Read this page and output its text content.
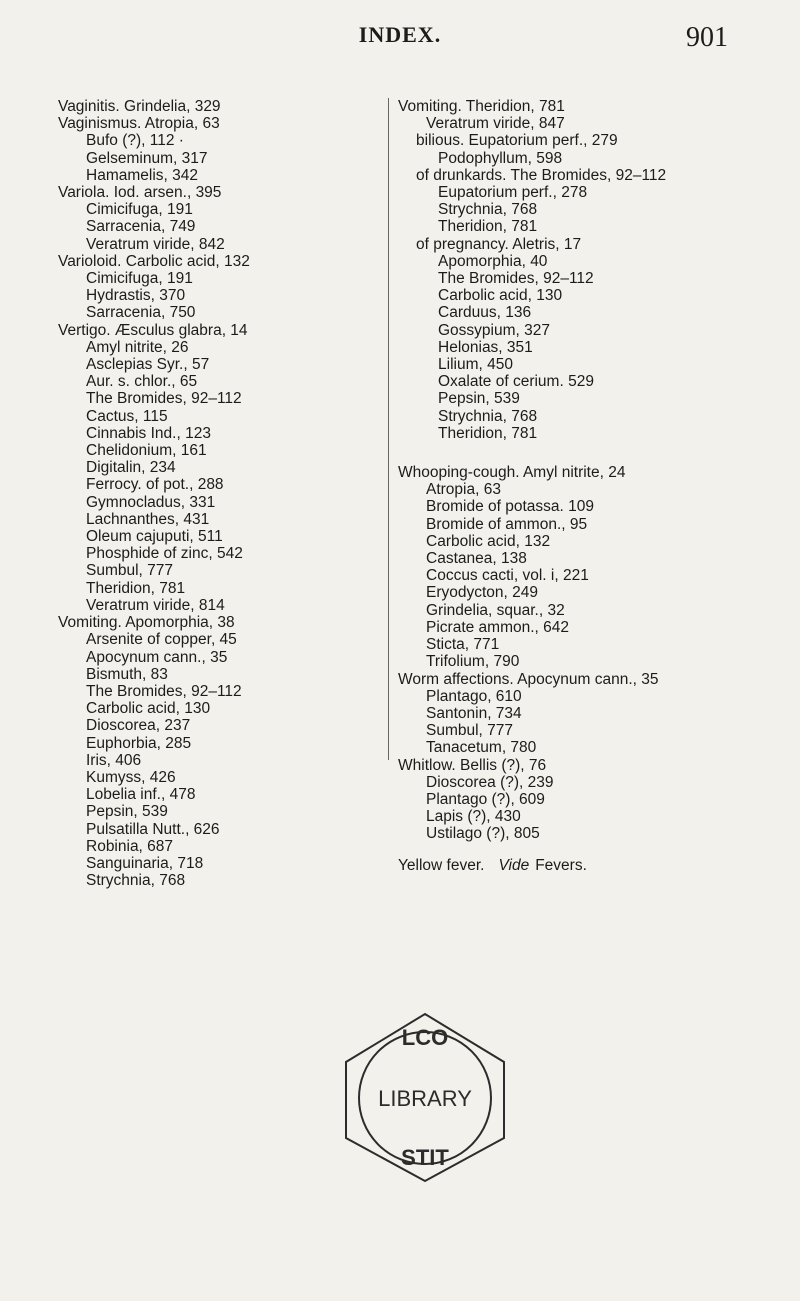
INDEX.	901
Vaginitis. Grindelia, 329
Vaginismus. Atropia, 63
Bufo (?), 112 ·
Gelseminum, 317
Hamamelis, 342
Variola. Iod. arsen., 395
Cimicifuga, 191
Sarracenia, 749
Veratrum viride, 842
Varioloid. Carbolic acid, 132
Cimicifuga, 191
Hydrastis, 370
Sarracenia, 750
Vertigo. Æsculus glabra, 14
Amyl nitrite, 26
Asclepias Syr., 57
Aur. s. chlor., 65
The Bromides, 92–112
Cactus, 115
Cinnabis Ind., 123
Chelidonium, 161
Digitalin, 234
Ferrocy. of pot., 288
Gymnocladus, 331
Lachnanthes, 431
Oleum cajuputi, 511
Phosphide of zinc, 542
Sumbul, 777
Theridion, 781
Veratrum viride, 814
Vomiting. Apomorphia, 38
Arsenite of copper, 45
Apocynum cann., 35
Bismuth, 83
The Bromides, 92–112
Carbolic acid, 130
Dioscorea, 237
Euphorbia, 285
Iris, 406
Kumyss, 426
Lobelia inf., 478
Pepsin, 539
Pulsatilla Nutt., 626
Robinia, 687
Sanguinaria, 718
Strychnia, 768
Vomiting. Theridion, 781
Veratrum viride, 847
bilious. Eupatorium perf., 279
Podophyllum, 598
of drunkards. The Bromides, 92–112
Eupatorium perf., 278
Strychnia, 768
Theridion, 781
of pregnancy. Aletris, 17
Apomorphia, 40
The Bromides, 92–112
Carbolic acid, 130
Carduus, 136
Gossypium, 327
Helonias, 351
Lilium, 450
Oxalate of cerium. 529
Pepsin, 539
Strychnia, 768
Theridion, 781
Whooping-cough. Amyl nitrite, 24
Atropia, 63
Bromide of potassa. 109
Bromide of ammon., 95
Carbolic acid, 132
Castanea, 138
Coccus cacti, vol. i, 221
Eryodycton, 249
Grindelia, squar., 32
Picrate ammon., 642
Sticta, 771
Trifolium, 790
Worm affections. Apocynum cann., 35
Plantago, 610
Santonin, 734
Sumbul, 777
Tanacetum, 780
Whitlow. Bellis (?), 76
Dioscorea (?), 239
Plantago (?), 609
Lapis (?), 430
Ustilago (?), 805
Yellow fever. Vide Fevers.
LCO
LIBRARY
STIT
